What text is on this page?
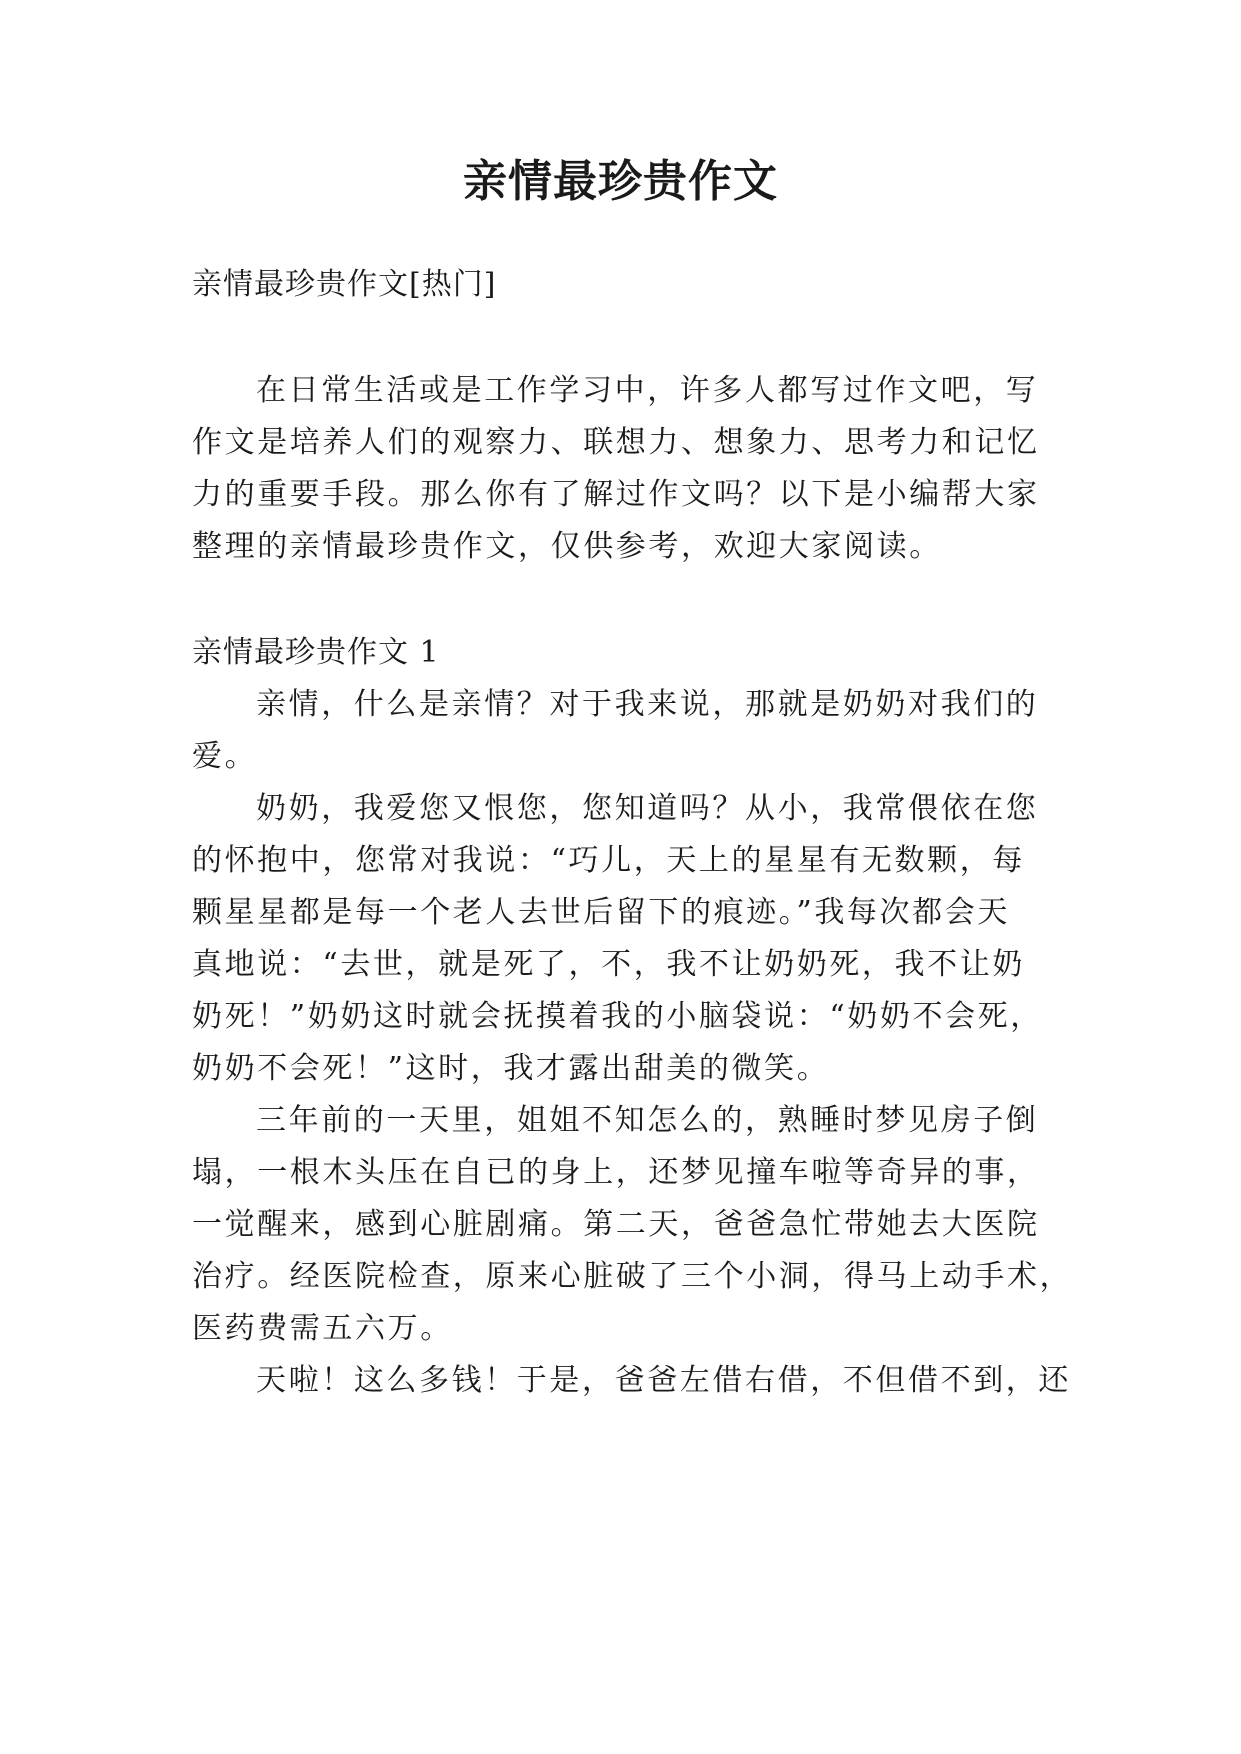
亲情最珍贵作文

亲情最珍贵作文[热门]

在日常生活或是工作学习中，许多人都写过作文吧，写

作文是培养人们的观察力、联想力、想象力、思考力和记忆

力的重要手段。那么你有了解过作文吗？以下是小编帮大家

整理的亲情最珍贵作文，仅供参考，欢迎大家阅读。

亲情最珍贵作文 1

亲情，什么是亲情？对于我来说，那就是奶奶对我们的

爱。

奶奶，我爱您又恨您，您知道吗？从小，我常偎依在您

的怀抱中，您常对我说：“巧儿，天上的星星有无数颗，每

颗星星都是每一个老人去世后留下的痕迹。”我每次都会天

真地说：“去世，就是死了，不，我不让奶奶死，我不让奶

奶死！”奶奶这时就会抚摸着我的小脑袋说：“奶奶不会死，

奶奶不会死！”这时，我才露出甜美的微笑。

三年前的一天里，姐姐不知怎么的，熟睡时梦见房子倒

塌，一根木头压在自已的身上，还梦见撞车啦等奇异的事，

一觉醒来，感到心脏剧痛。第二天，爸爸急忙带她去大医院

治疗。经医院检查，原来心脏破了三个小洞，得马上动手术，

医药费需五六万。

天啦！这么多钱！于是，爸爸左借右借，不但借不到，还
